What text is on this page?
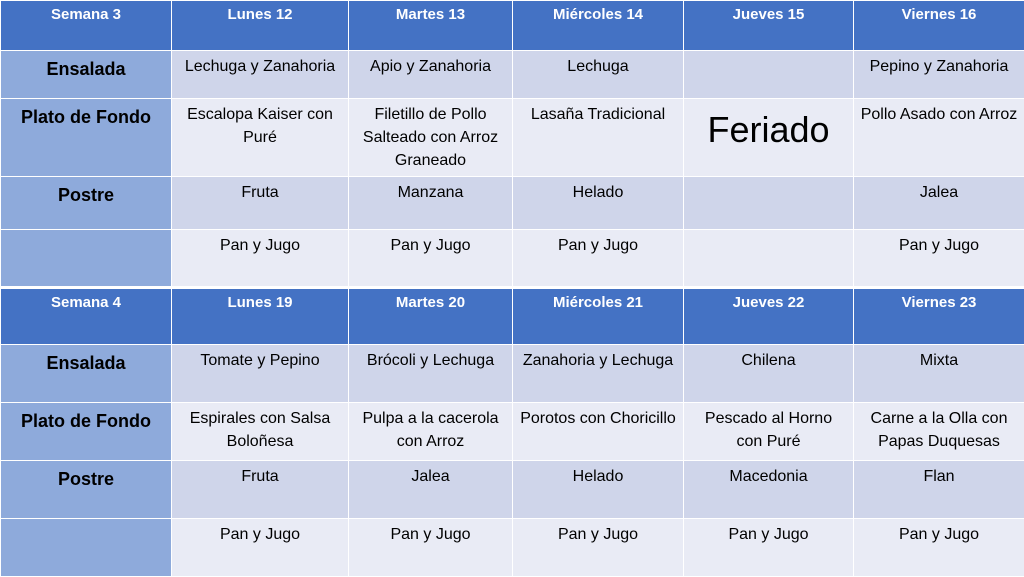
Semana 3	Lunes 12	Martes 13	Miércoles 14	Jueves 15	Viernes 16
Ensalada	Lechuga y Zanahoria	Apio y Zanahoria	Lechuga		Pepino y Zanahoria
Plato de Fondo	Escalopa Kaiser con Puré	Filetillo de Pollo Salteado con Arroz Graneado	Lasaña Tradicional	Feriado	Pollo Asado con Arroz
Postre	Fruta	Manzana	Helado		Jalea
	Pan y Jugo	Pan y Jugo	Pan y Jugo		Pan y Jugo
Semana 4	Lunes 19	Martes 20	Miércoles 21	Jueves 22	Viernes 23
Ensalada	Tomate y Pepino	Brócoli y Lechuga	Zanahoria y Lechuga	Chilena	Mixta
Plato de Fondo	Espirales con Salsa Boloñesa	Pulpa a la cacerola con Arroz	Porotos con Choricillo	Pescado al Horno con Puré	Carne a la Olla con Papas Duquesas
Postre	Fruta	Jalea	Helado	Macedonia	Flan
	Pan y Jugo	Pan y Jugo	Pan y Jugo	Pan y Jugo	Pan y Jugo
